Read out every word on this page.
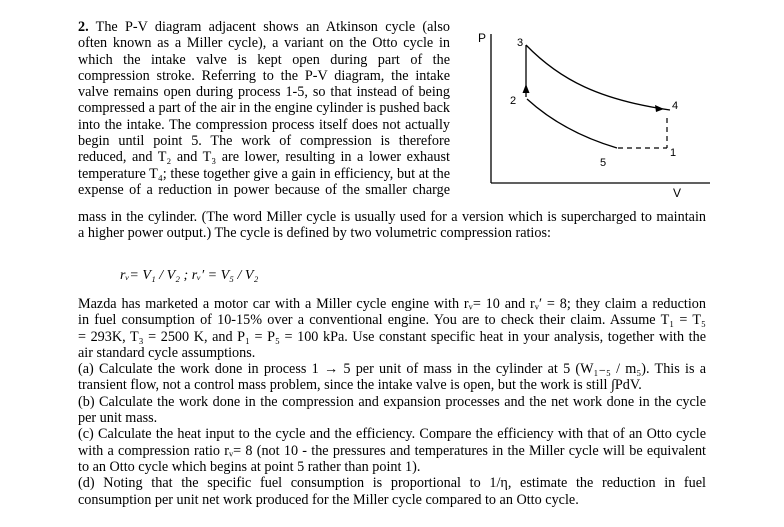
2. The P-V diagram adjacent shows an Atkinson cycle (also
often known as a Miller cycle), a variant on the Otto cycle in
which the intake valve is kept open during part of the
compression stroke. Referring to the P-V diagram, the intake
valve remains open during process 1-5, so that instead of being
compressed a part of the air in the engine cylinder is pushed back
into the intake. The compression process itself does not actually
begin until point 5. The work of compression is therefore
reduced, and T₂ and T₃ are lower, resulting in a lower exhaust
temperature T₄; these together give a gain in efficiency, but at the
expense of a reduction in power because of the smaller charge
mass in the cylinder. (The word Miller cycle is usually used for a version which is supercharged to maintain
a higher power output.) The cycle is defined by two volumetric compression ratios:
rᵥ= V₁ / V₂ ; rᵥ′ = V₅ / V₂
Mazda has marketed a motor car with a Miller cycle engine with rᵥ= 10 and rᵥ′ = 8; they claim a reduction
in fuel consumption of 10-15% over a conventional engine. You are to check their claim. Assume T₁ = T₅
= 293K, T₃ = 2500 K, and P₁ = P₅ = 100 kPa. Use constant specific heat in your analysis, together with the
air standard cycle assumptions.
(a) Calculate the work done in process 1 → 5 per unit of mass in the cylinder at 5 (W₁₋₅ / m₅). This is a
transient flow, not a control mass problem, since the intake valve is open, but the work is still ∫PdV.
(b) Calculate the work done in the compression and expansion processes and the net work done in the cycle
per unit mass.
(c) Calculate the heat input to the cycle and the efficiency. Compare the efficiency with that of an Otto cycle
with a compression ratio rᵥ= 8 (not 10 - the pressures and temperatures in the Miller cycle will be equivalent
to an Otto cycle which begins at point 5 rather than point 1).
(d) Noting that the specific fuel consumption is proportional to 1/η, estimate the reduction in fuel
consumption per unit net work produced for the Miller cycle compared to an Otto cycle.
P
V
3
2	4
1
5
